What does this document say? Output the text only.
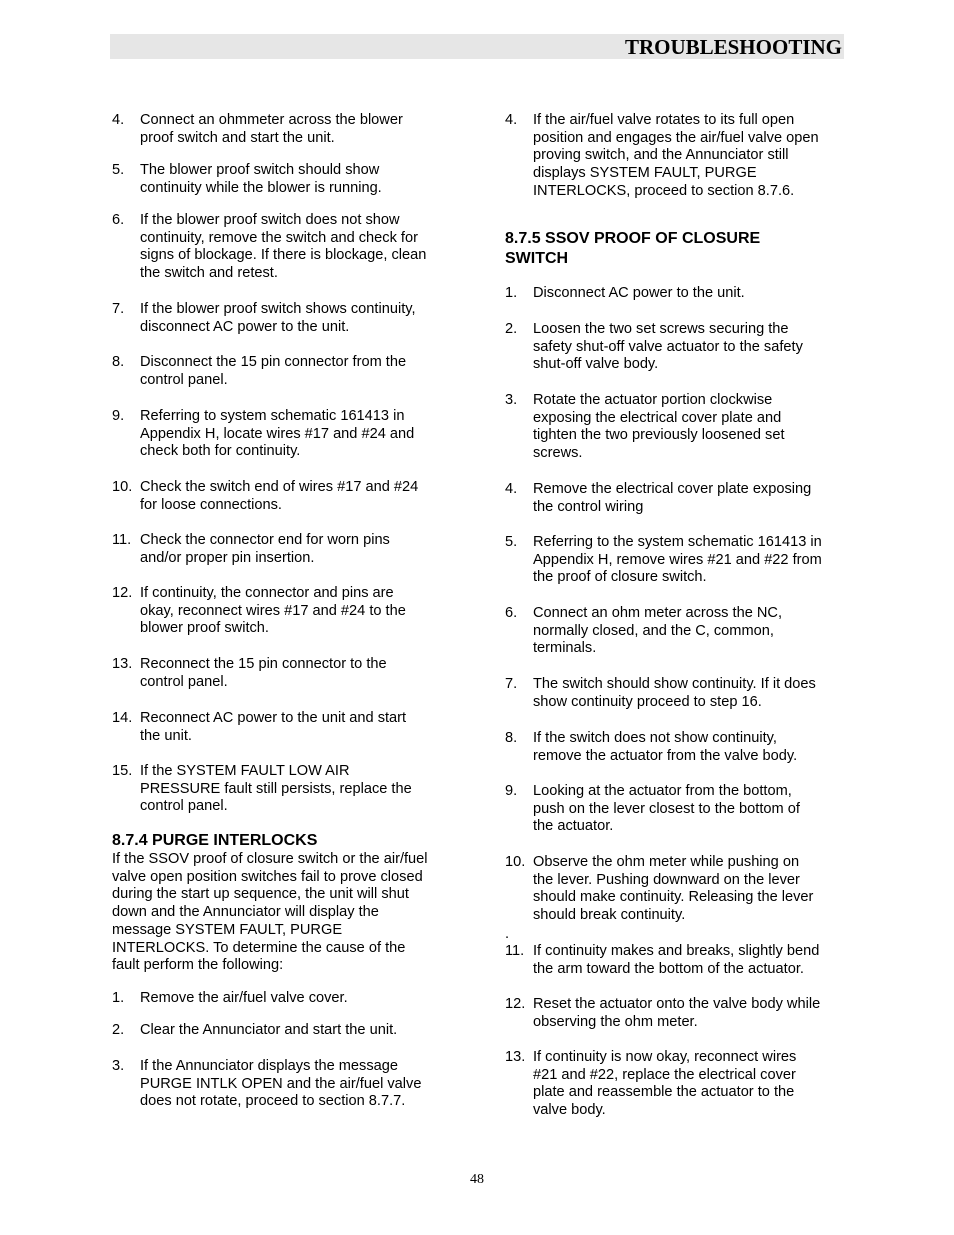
TROUBLESHOOTING
4. Connect an ohmmeter across the blower
proof switch and start the unit.
5. The blower proof switch should show
continuity while the blower is running.
6. If the blower proof switch does not show
continuity, remove the switch and check for
signs of blockage. If there is blockage, clean
the switch and retest.
7. If the blower proof switch shows continuity,
disconnect AC power to the unit.
8. Disconnect the 15 pin connector from the
control panel.
9. Referring to system schematic 161413 in
Appendix H, locate wires #17 and #24 and
check both for continuity.
10. Check the switch end of wires #17 and #24
for loose connections.
11. Check the connector end for worn pins
and/or proper pin insertion.
12. If continuity, the connector and pins are
okay, reconnect wires #17 and #24 to the
blower proof switch.
13. Reconnect the 15 pin connector to the
control panel.
14. Reconnect AC power to the unit and start
the unit.
15. If the SYSTEM FAULT LOW AIR
PRESSURE fault still persists, replace the
control panel.
8.7.4 PURGE INTERLOCKS
If the SSOV proof of closure switch or the air/fuel
valve open position switches fail to prove closed
during the start up sequence, the unit will shut
down and the Annunciator will display the
message SYSTEM FAULT, PURGE
INTERLOCKS. To determine the cause of the
fault perform the following:
1. Remove the air/fuel valve cover.
2. Clear the Annunciator and start the unit.
3. If the Annunciator displays the message
PURGE INTLK OPEN and the air/fuel valve
does not rotate, proceed to section 8.7.7.
4. If the air/fuel valve rotates to its full open
position and engages the air/fuel valve open
proving switch, and the Annunciator still
displays SYSTEM FAULT, PURGE
INTERLOCKS, proceed to section 8.7.6.
8.7.5 SSOV PROOF OF CLOSURE
SWITCH
1. Disconnect AC power to the unit.
2. Loosen the two set screws securing the
safety shut-off valve actuator to the safety
shut-off valve body.
3. Rotate the actuator portion clockwise
exposing the electrical cover plate and
tighten the two previously loosened set
screws.
4. Remove the electrical cover plate exposing
the control wiring
5. Referring to the system schematic 161413 in
Appendix H, remove wires #21 and #22 from
the proof of closure switch.
6. Connect an ohm meter across the NC,
normally closed, and the C, common,
terminals.
7. The switch should show continuity. If it does
show continuity proceed to step 16.
8. If the switch does not show continuity,
remove the actuator from the valve body.
9. Looking at the actuator from the bottom,
push on the lever closest to the bottom of
the actuator.
10. Observe the ohm meter while pushing on
the lever. Pushing downward on the lever
should make continuity. Releasing the lever
should break continuity.
.
11. If continuity makes and breaks, slightly bend
the arm toward the bottom of the actuator.
12. Reset the actuator onto the valve body while
observing the ohm meter.
13. If continuity is now okay, reconnect wires
#21 and #22, replace the electrical cover
plate and reassemble the actuator to the
valve body.
48
